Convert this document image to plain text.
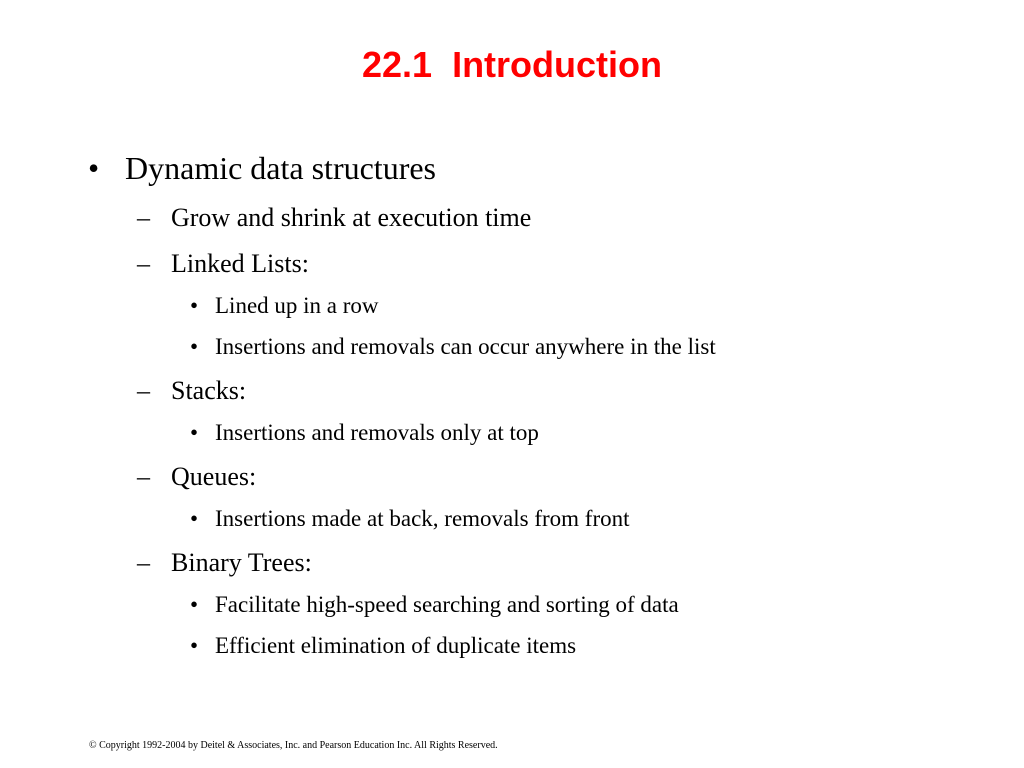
22.1 Introduction
• Dynamic data structures
– Grow and shrink at execution time
– Linked Lists:
• Lined up in a row
• Insertions and removals can occur anywhere in the list
– Stacks:
• Insertions and removals only at top
– Queues:
• Insertions made at back, removals from front
– Binary Trees:
• Facilitate high-speed searching and sorting of data
• Efficient elimination of duplicate items
© Copyright 1992-2004 by Deitel & Associates, Inc. and Pearson Education Inc. All Rights Reserved.
